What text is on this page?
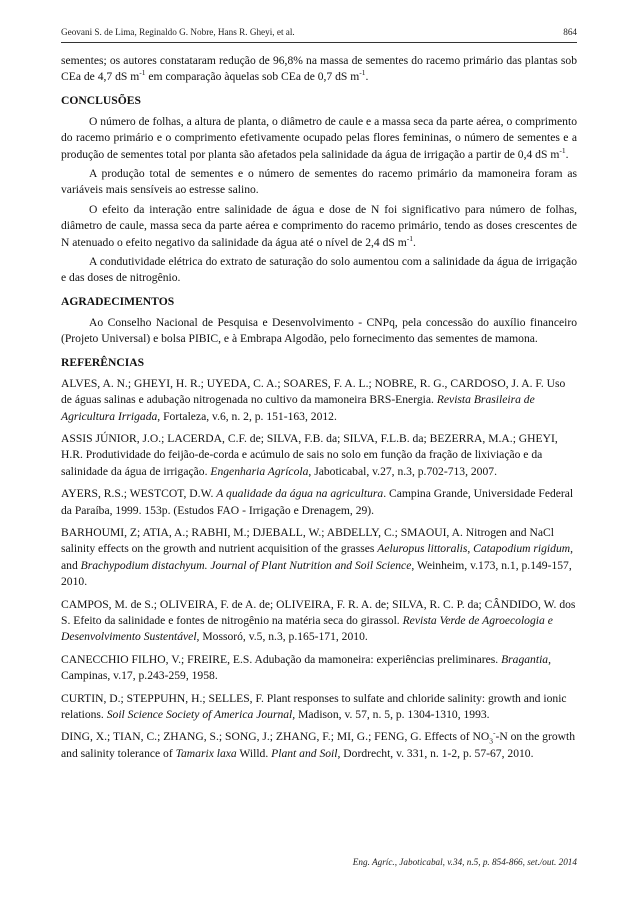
Geovani S. de Lima, Reginaldo G. Nobre, Hans R. Gheyi, et al.	864

sementes; os autores constataram redução de 96,8% na massa de sementes do racemo primário das plantas sob CEa de 4,7 dS $m^{-1}$ em comparação àquelas sob CEa de 0,7 dS $m^{-1}$.

CONCLUSÕES

O número de folhas, a altura de planta, o diâmetro de caule e a massa seca da parte aérea, o comprimento do racemo primário e o comprimento efetivamente ocupado pelas flores femininas, o número de sementes e a produção de sementes total por planta são afetados pela salinidade da água de irrigação a partir de 0,4 dS $m^{-1}$.

A produção total de sementes e o número de sementes do racemo primário da mamoneira foram as variáveis mais sensíveis ao estresse salino.

O efeito da interação entre salinidade de água e dose de N foi significativo para número de folhas, diâmetro de caule, massa seca da parte aérea e comprimento do racemo primário, tendo as doses crescentes de N atenuado o efeito negativo da salinidade da água até o nível de 2,4 dS $m^{-1}$.

A condutividade elétrica do extrato de saturação do solo aumentou com a salinidade da água de irrigação e das doses de nitrogênio.

AGRADECIMENTOS

Ao Conselho Nacional de Pesquisa e Desenvolvimento - CNPq, pela concessão do auxílio financeiro (Projeto Universal) e bolsa PIBIC, e à Embrapa Algodão, pelo fornecimento das sementes de mamona.

REFERÊNCIAS

ALVES, A. N.; GHEYI, H. R.; UYEDA, C. A.; SOARES, F. A. L.; NOBRE, R. G., CARDOSO, J. A. F. Uso de águas salinas e adubação nitrogenada no cultivo da mamoneira BRS-Energia. Revista Brasileira de Agricultura Irrigada, Fortaleza, v.6, n. 2, p. 151-163, 2012.

ASSIS JÚNIOR, J.O.; LACERDA, C.F. de; SILVA, F.B. da; SILVA, F.L.B. da; BEZERRA, M.A.; GHEYI, H.R. Produtividade do feijão-de-corda e acúmulo de sais no solo em função da fração de lixiviação e da salinidade da água de irrigação. Engenharia Agrícola, Jaboticabal, v.27, n.3, p.702-713, 2007.

AYERS, R.S.; WESTCOT, D.W. A qualidade da água na agricultura. Campina Grande, Universidade Federal da Paraíba, 1999. 153p. (Estudos FAO - Irrigação e Drenagem, 29).

BARHOUMI, Z; ATIA, A.; RABHI, M.; DJEBALL, W.; ABDELLY, C.; SMAOUI, A. Nitrogen and NaCl salinity effects on the growth and nutrient acquisition of the grasses Aeluropus littoralis, Catapodium rigidum, and Brachypodium distachyum. Journal of Plant Nutrition and Soil Science, Weinheim, v.173, n.1, p.149-157, 2010.

CAMPOS, M. de S.; OLIVEIRA, F. de A. de; OLIVEIRA, F. R. A. de; SILVA, R. C. P. da; CÂNDIDO, W. dos S. Efeito da salinidade e fontes de nitrogênio na matéria seca do girassol. Revista Verde de Agroecologia e Desenvolvimento Sustentável, Mossoró, v.5, n.3, p.165-171, 2010.

CANECCHIO FILHO, V.; FREIRE, E.S. Adubação da mamoneira: experiências preliminares. Bragantia, Campinas, v.17, p.243-259, 1958.

CURTIN, D.; STEPPUHN, H.; SELLES, F. Plant responses to sulfate and chloride salinity: growth and ionic relations. Soil Science Society of America Journal, Madison, v. 57, n. 5, p. 1304-1310, 1993.

DING, X.; TIAN, C.; ZHANG, S.; SONG, J.; ZHANG, F.; MI, G.; FENG, G. Effects of $NO_3^--N$ on the growth and salinity tolerance of Tamarix laxa Willd. Plant and Soil, Dordrecht, v. 331, n. 1-2, p. 57-67, 2010.

Eng. Agríc., Jaboticabal, v.34, n.5, p. 854-866, set./out. 2014
